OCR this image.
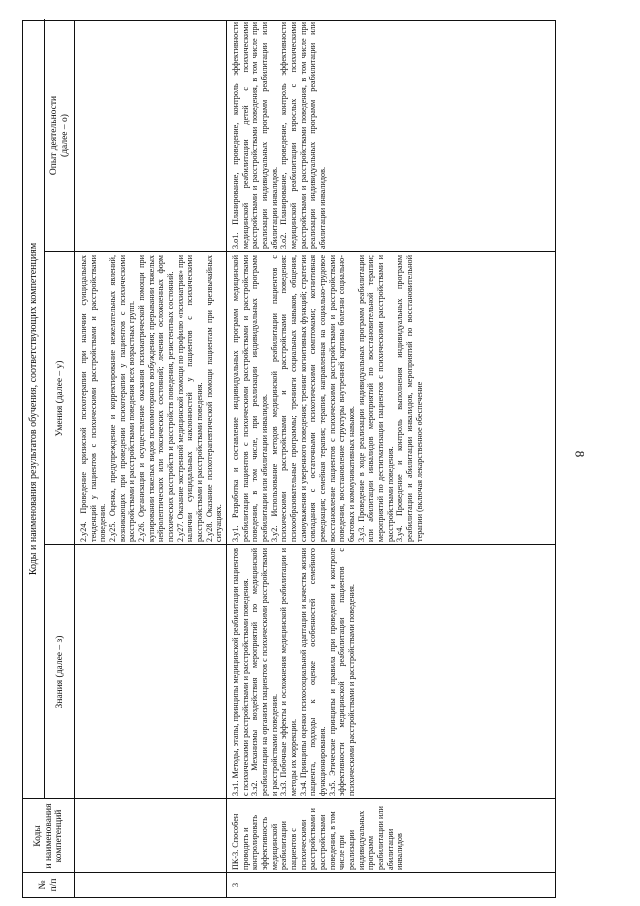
8
№
п/п
Коды
и наименования
компетенций
Коды и наименования результатов обучения, соответствующих компетенциям
Знания (далее – з)
Умения (далее – у)
Опыт деятельности
(далее – о)

2.у24. Проведение кризисной психотерапии при наличии суицидальных тенденций у пациентов с психическими расстройствами и расстройствами поведения. 2.у25. Оценка, предупреждение и корректирование нежелательных явлений, возникающих при проведении психотерапии у пациентов с психическими расстройствами и расстройствами поведения всех возрастных групп. 2.у26. Организация и осуществление оказания психиатрической помощи при купировании тяжелых видов психомоторного возбуждения; прерывании тяжелых нейролептических или токсических состояний; лечении осложненных форм психических расстройств и расстройств поведения, резистентных состояний. 2.у27. Оказание экстренной медицинской помощи по профилю «психиатрия» при наличии суицидальных наклонностей у пациентов с психическими расстройствами и расстройствами поведения. 2.у28. Оказание психотерапевтической помощи пациентам при чрезвычайных ситуациях.

3
ПК-3. Способен проводить и контролировать эффективность медицинской реабилитации пациентов с психическими расстройствами и расстройствами поведения, в том числе при реализации индивидуальных программ реабилитации или абилитации инвалидов

3.з1. Методы, этапы, принципы медицинской реабилитации пациентов с психическими расстройствами и расстройствами поведения. 3.з2. Механизмы воздействия мероприятий по медицинской реабилитации на организм пациентов с психическими расстройствами и расстройствами поведения. 3.з3. Побочные эффекты и осложнения медицинской реабилитации и методы их коррекции. 3.з4. Принципы оценки психосоциальной адаптации и качества жизни пациента, подходы к оценке особенностей семейного функционирования. 3.з5. Этические принципы и правила при проведении и контроле эффективности медицинской реабилитации пациентов с психическими расстройствами и расстройствами поведения.

3.у1. Разработка и составление индивидуальных программ медицинской реабилитации пациентов с психическими расстройствами и расстройствами поведения, в том числе, при реализации индивидуальных программ реабилитации или абилитации инвалидов. 3.у2. Использование методов медицинской реабилитации пациентов с психическими расстройствами и расстройствами поведения: психообразовательные программы; тренинги социальных навыков, общения, самоуважения и уверенного поведения; тренинг когнитивных функций; стратегии совладания с остаточными психотическими симптомами; когнитивная ремедиация; семейная терапия; терапия, направленная на социально-трудовое восстановление пациентов с психическими расстройствами и расстройствами поведения, восстановление структуры внутренней картины болезни социально-бытовых и коммуникативных навыков. 3.у3. Проведение в ходе реализации индивидуальных программ реабилитации или абилитации инвалидов мероприятий по восстановительной терапии; мероприятий по дестигматизации пациентов с психическими расстройствами и расстройствами поведения. 3.у4. Проведение и контроль выполнения индивидуальных программ реабилитации и абилитации инвалидов, мероприятий по восстановительной терапии (включая лекарственное обеспечение

3.о1. Планирование, проведение, контроль эффективности медицинской реабилитации детей с психическими расстройствами и расстройствами поведения, в том числе при реализации индивидуальных программ реабилитации или абилитации инвалидов. 3.о2. Планирование, проведение, контроль эффективности медицинской реабилитации взрослых с психическими расстройствами и расстройствами поведения, в том числе при реализации индивидуальных программ реабилитации или абилитации инвалидов.
